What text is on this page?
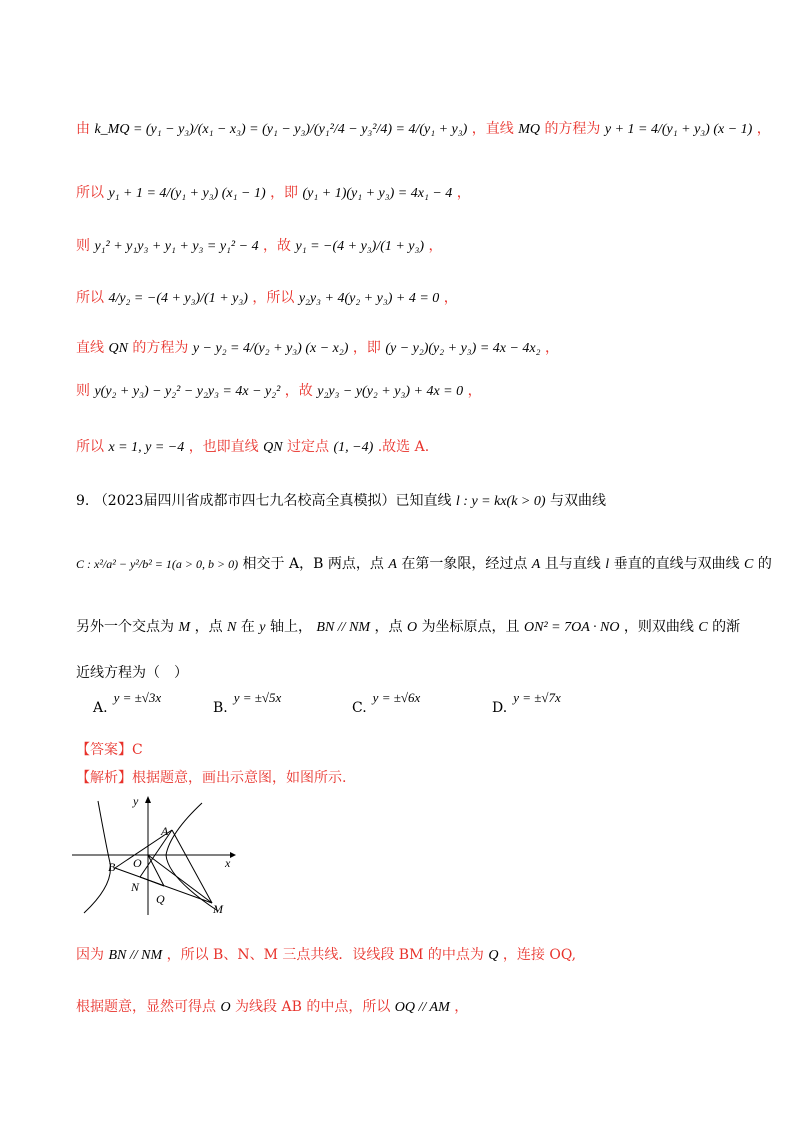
由 k_MQ = (y₁ − y₃)/(x₁ − x₃) = (y₁ − y₃)/(y₁²/4 − y₃²/4) = 4/(y₁ + y₃) ，直线 MQ 的方程为 y + 1 = 4/(y₁ + y₃) (x − 1) ，
所以 y₁ + 1 = 4/(y₁ + y₃) (x₁ − 1) ，即 (y₁ + 1)(y₁ + y₃) = 4x₁ − 4 ，
则 y₁² + y₁y₃ + y₁ + y₃ = y₁² − 4 ，故 y₁ = −(4 + y₃)/(1 + y₃) ，
所以 4/y₂ = −(4 + y₃)/(1 + y₃) ，所以 y₂y₃ + 4(y₂ + y₃) + 4 = 0 ，
直线 QN 的方程为 y − y₂ = 4/(y₂ + y₃) (x − x₂) ，即 (y − y₂)(y₂ + y₃) = 4x − 4x₂ ，
则 y(y₂ + y₃) − y₂² − y₂y₃ = 4x − y₂² ，故 y₂y₃ − y(y₂ + y₃) + 4x = 0 ，
所以 x = 1, y = −4 ，也即直线 QN 过定点 (1, −4) .故选 A.
9. （2023届四川省成都市四七九名校高全真模拟）已知直线 l : y = kx(k > 0) 与双曲线
C : x²/a² − y²/b² = 1(a > 0, b > 0) 相交于 A，B 两点，点 A 在第一象限，经过点 A 且与直线 l 垂直的直线与双曲线 C 的
另外一个交点为 M ，点 N 在 y 轴上， BN // NM ，点 O 为坐标原点，且 ON² = 7OA · NO ，则双曲线 C 的渐
近线方程为（　）
A.y = ±√3x
B.y = ±√5x
C.y = ±√6x
D.y = ±√7x
【答案】C
【解析】根据题意，画出示意图，如图所示.
y
x
A
B O
N
Q
M
因为 BN // NM ，所以 B、N、M 三点共线．设线段 BM 的中点为 Q ，连接 OQ,
根据题意，显然可得点 O 为线段 AB 的中点，所以 OQ // AM ，
